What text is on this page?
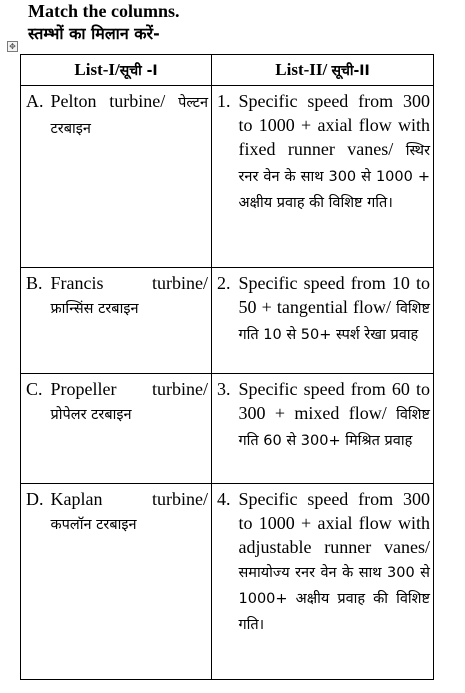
Match the columns.
स्तम्भों का मिलान करें-
✥
List-I/सूची -I		List-II/ सूची-II	
A.	Pelton turbine/ पेल्टन टरबाइन	1.	Specific speed from 300 to 1000 + axial flow with fixed runner vanes/ स्थिर रनर वेन के साथ 300 से 1000 + अक्षीय प्रवाह की विशिष्ट गति।
B.	Francis turbine/ फ्रान्सिंस टरबाइन	2.	Specific speed from 10 to 50 + tangential flow/ विशिष्ट गति 10 से 50+ स्पर्श रेखा प्रवाह
C.	Propeller turbine/ प्रोपेलर टरबाइन	3.	Specific speed from 60 to 300 + mixed flow/ विशिष्ट गति 60 से 300+ मिश्रित प्रवाह
D.	Kaplan turbine/ कपलॉन टरबाइन	4.	Specific speed from 300 to 1000 + axial flow with adjustable runner vanes/ समायोज्य रनर वेन के साथ 300 से 1000+ अक्षीय प्रवाह की विशिष्ट गति।
